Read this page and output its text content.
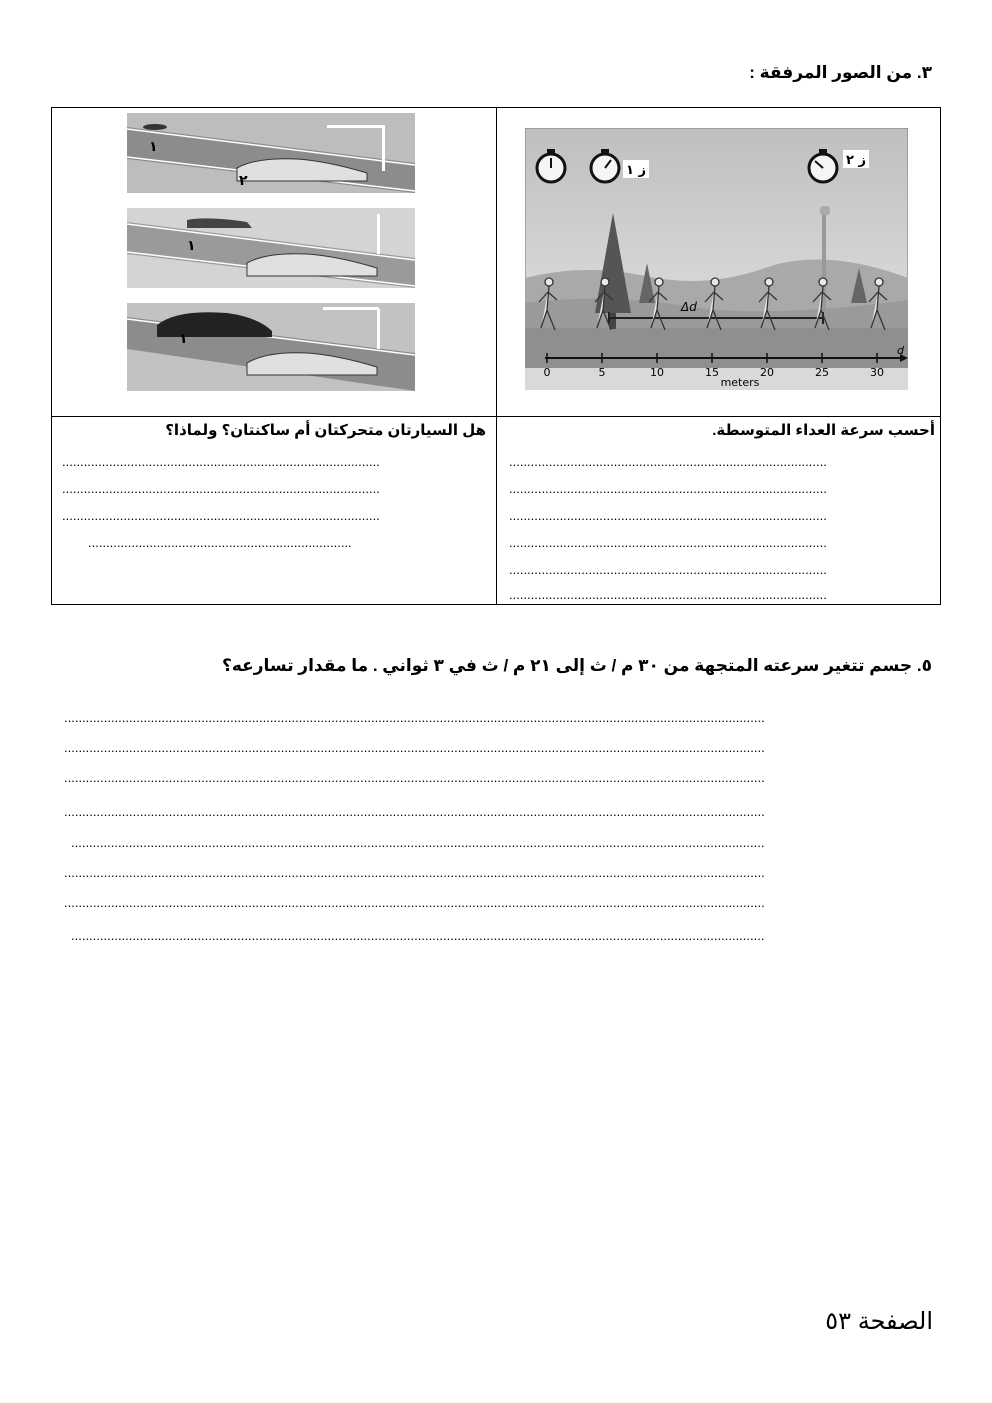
٣. من الصور المرفقة :
ز ١
ز ٢
Δd
d
0	5	10	15	20	25	30
meters
١
٢
١
١
أحسب سرعة العداء المتوسطة.
........................................................................................
........................................................................................
........................................................................................
........................................................................................
........................................................................................
........................................................................................
هل السيارتان متحركتان أم ساكنتان؟ ولماذا؟
........................................................................................
........................................................................................
........................................................................................
.........................................................................
٥. جسم تتغير سرعته المتجهة من ٣٠ م / ث إلى ٢١ م / ث في ٣ ثواني . ما مقدار تسارعه؟
..................................................................................................................................................................................................
..................................................................................................................................................................................................
..................................................................................................................................................................................................
..................................................................................................................................................................................................
................................................................................................................................................................................................
..................................................................................................................................................................................................
..................................................................................................................................................................................................
................................................................................................................................................................................................
الصفحة ٥٣
